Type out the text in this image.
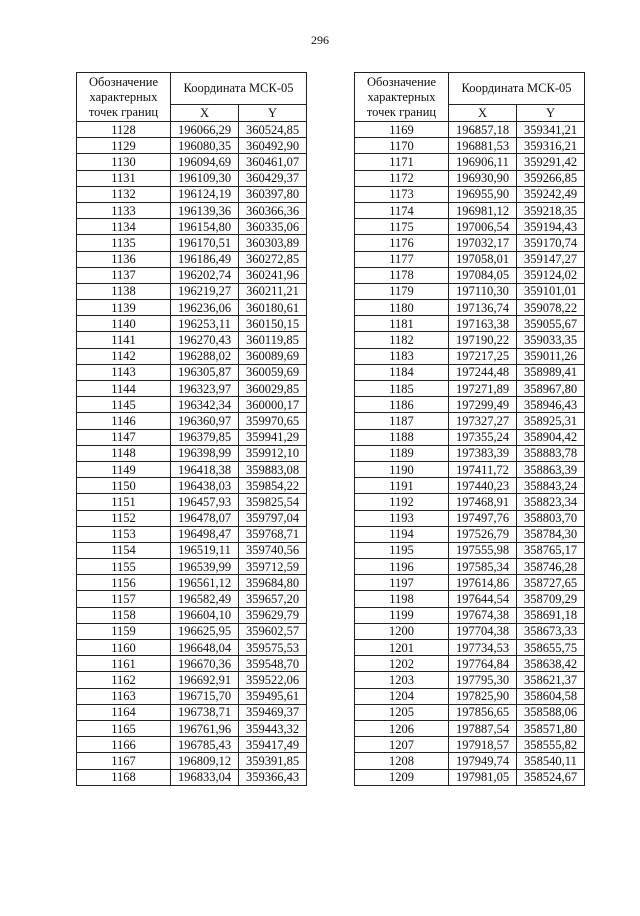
296
Обозначение характерных точек границ	Координата МСК-05	
	X	Y
1128	196066,29	360524,85
1129	196080,35	360492,90
1130	196094,69	360461,07
1131	196109,30	360429,37
1132	196124,19	360397,80
1133	196139,36	360366,36
1134	196154,80	360335,06
1135	196170,51	360303,89
1136	196186,49	360272,85
1137	196202,74	360241,96
1138	196219,27	360211,21
1139	196236,06	360180,61
1140	196253,11	360150,15
1141	196270,43	360119,85
1142	196288,02	360089,69
1143	196305,87	360059,69
1144	196323,97	360029,85
1145	196342,34	360000,17
1146	196360,97	359970,65
1147	196379,85	359941,29
1148	196398,99	359912,10
1149	196418,38	359883,08
1150	196438,03	359854,22
1151	196457,93	359825,54
1152	196478,07	359797,04
1153	196498,47	359768,71
1154	196519,11	359740,56
1155	196539,99	359712,59
1156	196561,12	359684,80
1157	196582,49	359657,20
1158	196604,10	359629,79
1159	196625,95	359602,57
1160	196648,04	359575,53
1161	196670,36	359548,70
1162	196692,91	359522,06
1163	196715,70	359495,61
1164	196738,71	359469,37
1165	196761,96	359443,32
1166	196785,43	359417,49
1167	196809,12	359391,85
1168	196833,04	359366,43
Обозначение характерных точек границ	Координата МСК-05	
	X	Y
1169	196857,18	359341,21
1170	196881,53	359316,21
1171	196906,11	359291,42
1172	196930,90	359266,85
1173	196955,90	359242,49
1174	196981,12	359218,35
1175	197006,54	359194,43
1176	197032,17	359170,74
1177	197058,01	359147,27
1178	197084,05	359124,02
1179	197110,30	359101,01
1180	197136,74	359078,22
1181	197163,38	359055,67
1182	197190,22	359033,35
1183	197217,25	359011,26
1184	197244,48	358989,41
1185	197271,89	358967,80
1186	197299,49	358946,43
1187	197327,27	358925,31
1188	197355,24	358904,42
1189	197383,39	358883,78
1190	197411,72	358863,39
1191	197440,23	358843,24
1192	197468,91	358823,34
1193	197497,76	358803,70
1194	197526,79	358784,30
1195	197555,98	358765,17
1196	197585,34	358746,28
1197	197614,86	358727,65
1198	197644,54	358709,29
1199	197674,38	358691,18
1200	197704,38	358673,33
1201	197734,53	358655,75
1202	197764,84	358638,42
1203	197795,30	358621,37
1204	197825,90	358604,58
1205	197856,65	358588,06
1206	197887,54	358571,80
1207	197918,57	358555,82
1208	197949,74	358540,11
1209	197981,05	358524,67
